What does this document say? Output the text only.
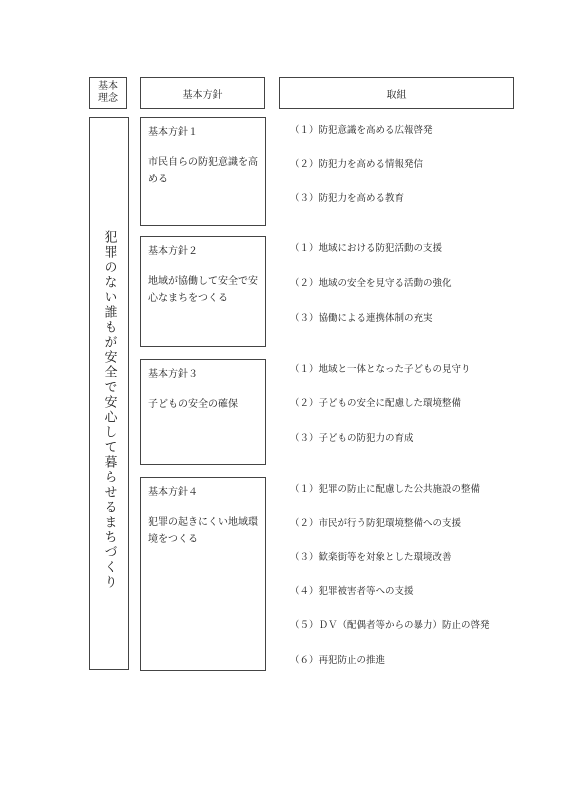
基本
理念	基本方針	取組
犯罪のない誰もが安全で安心して暮らせるまちづくり
基本方針１
市民自らの防犯意識を高める
基本方針２
地域が協働して安全で安心なまちをつくる
基本方針３
子どもの安全の確保
基本方針４
犯罪の起きにくい地域環境をつくる
（１）防犯意識を高める広報啓発
（２）防犯力を高める情報発信
（３）防犯力を高める教育
（１）地域における防犯活動の支援
（２）地域の安全を見守る活動の強化
（３）協働による連携体制の充実
（１）地域と一体となった子どもの見守り
（２）子どもの安全に配慮した環境整備
（３）子どもの防犯力の育成
（１）犯罪の防止に配慮した公共施設の整備
（２）市民が行う防犯環境整備への支援
（３）歓楽街等を対象とした環境改善
（４）犯罪被害者等への支援
（５）ＤＶ（配偶者等からの暴力）防止の啓発
（６）再犯防止の推進
